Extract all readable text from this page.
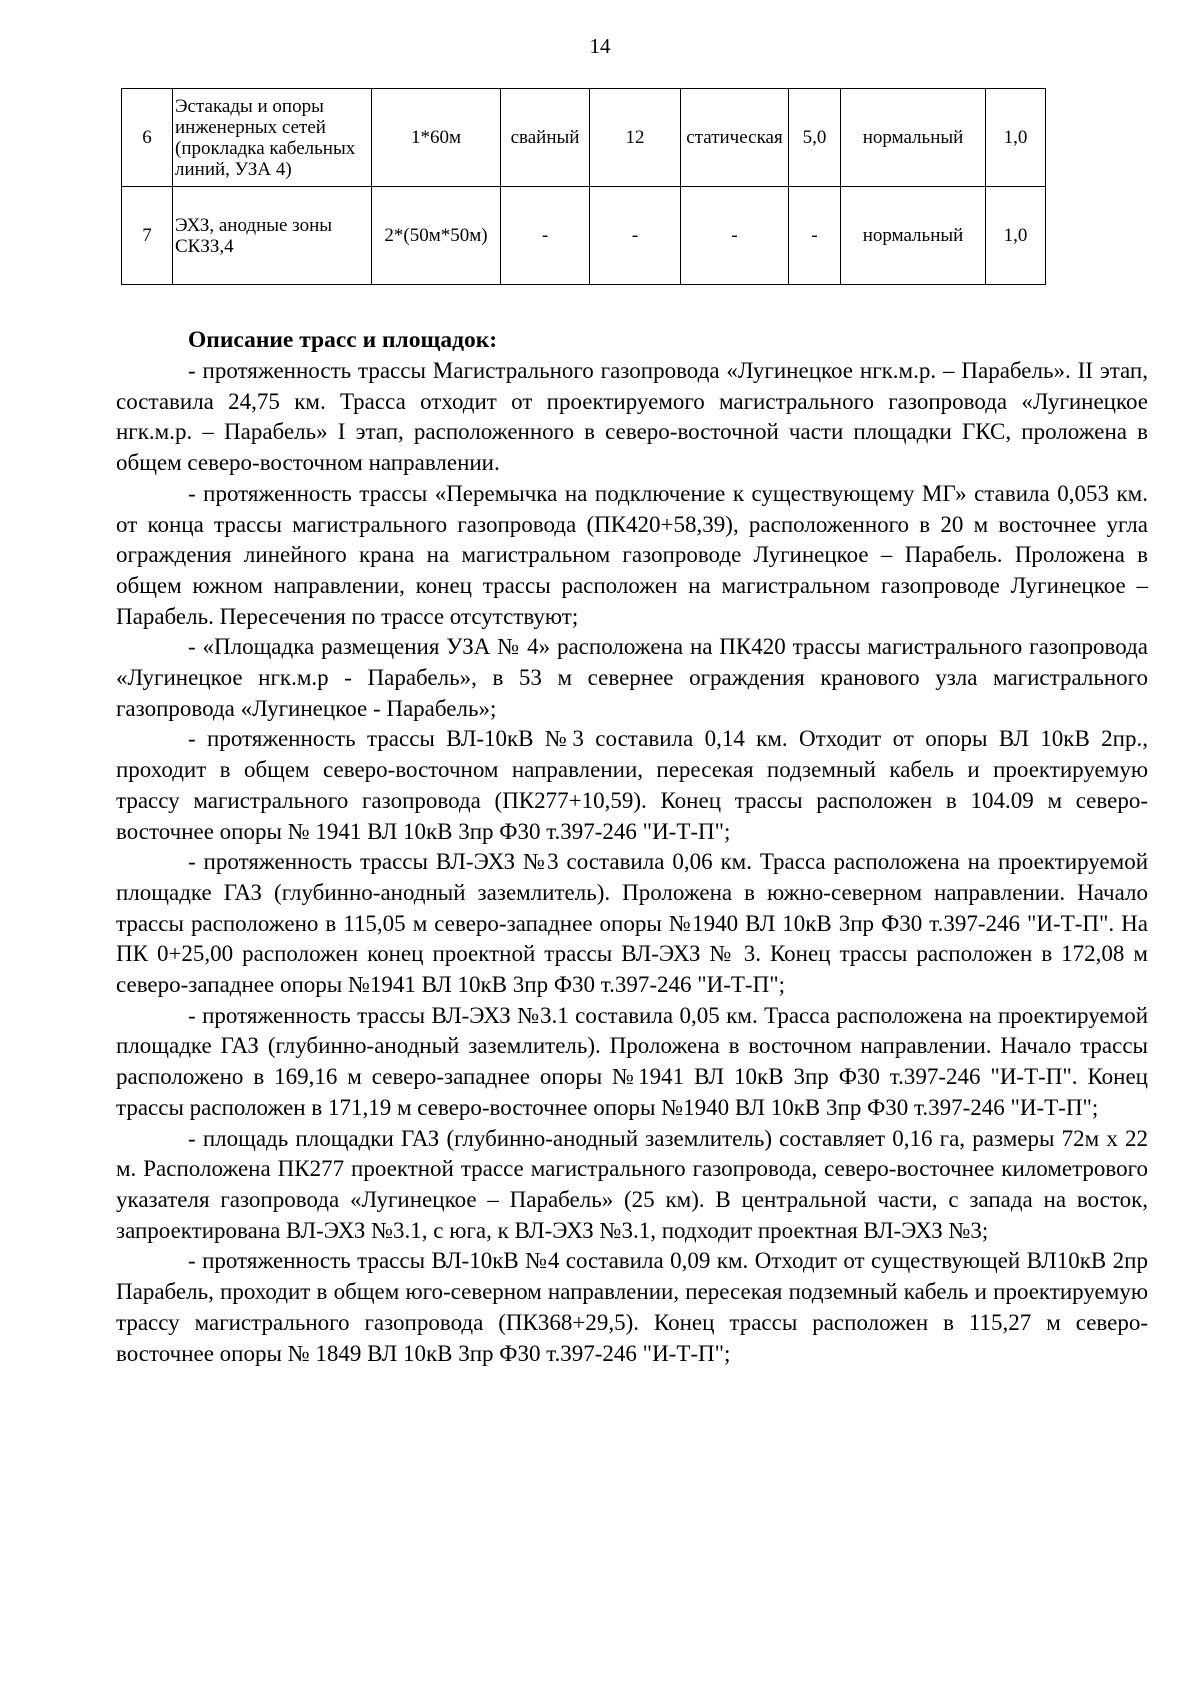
14
6	Эстакады и опоры
инженерных сетей
(прокладка кабельных
линий, УЗА 4)	1*60м	свайный	12	статическая	5,0	нормальный	1,0
7	ЭХЗ, анодные зоны
СКЗЗ,4	2*(50м*50м)	-	-	-	-	нормальный	1,0
Описание трасс и площадок:

- протяженность трассы Магистрального газопровода «Лугинецкое нгк.м.р. – Парабель». II этап, составила 24,75 км. Трасса отходит от проектируемого магистрального газопровода «Лугинецкое нгк.м.р. – Парабель» I этап, расположенного в северо-восточной части площадки ГКС, проложена в общем северо-восточном направлении.

- протяженность трассы «Перемычка на подключение к существующему МГ» ставила 0,053 км. от конца трассы магистрального газопровода (ПК420+58,39), расположенного в 20 м восточнее угла ограждения линейного крана на магистральном газопроводе Лугинецкое – Парабель. Проложена в общем южном направлении, конец трассы расположен на магистральном газопроводе Лугинецкое – Парабель. Пересечения по трассе отсутствуют;

- «Площадка размещения УЗА № 4» расположена на ПК420 трассы магистрального газопровода «Лугинецкое нгк.м.р - Парабель», в 53 м севернее ограждения кранового узла магистрального газопровода «Лугинецкое - Парабель»;

- протяженность трассы ВЛ-10кВ №3 составила 0,14 км. Отходит от опоры ВЛ 10кВ 2пр., проходит в общем северо-восточном направлении, пересекая подземный кабель и проектируемую трассу магистрального газопровода (ПК277+10,59). Конец трассы расположен в 104.09 м северо-восточнее опоры № 1941 ВЛ 10кВ 3пр Ф30 т.397-246 "И-Т-П";

- протяженность трассы ВЛ-ЭХЗ №3 составила 0,06 км. Трасса расположена на проектируемой площадке ГАЗ (глубинно-анодный заземлитель). Проложена в южно-северном направлении. Начало трассы расположено в 115,05 м северо-западнее опоры №1940 ВЛ 10кВ 3пр Ф30 т.397-246 "И-Т-П". На ПК 0+25,00 расположен конец проектной трассы ВЛ-ЭХЗ № 3. Конец трассы расположен в 172,08 м северо-западнее опоры №1941 ВЛ 10кВ 3пр Ф30 т.397-246 "И-Т-П";

- протяженность трассы ВЛ-ЭХЗ №3.1 составила 0,05 км. Трасса расположена на проектируемой площадке ГАЗ (глубинно-анодный заземлитель). Проложена в восточном направлении. Начало трассы расположено в 169,16 м северо-западнее опоры №1941 ВЛ 10кВ 3пр Ф30 т.397-246 "И-Т-П". Конец трассы расположен в 171,19 м северо-восточнее опоры №1940 ВЛ 10кВ 3пр Ф30 т.397-246 "И-Т-П";

- площадь площадки ГАЗ (глубинно-анодный заземлитель) составляет 0,16 га, размеры 72м х 22 м. Расположена ПК277 проектной трассе магистрального газопровода, северо-восточнее километрового указателя газопровода «Лугинецкое – Парабель» (25 км). В центральной части, с запада на восток, запроектирована ВЛ-ЭХЗ №3.1, с юга, к ВЛ-ЭХЗ №3.1, подходит проектная ВЛ-ЭХЗ №3;

- протяженность трассы ВЛ-10кВ №4 составила 0,09 км. Отходит от существующей ВЛ10кВ 2пр Парабель, проходит в общем юго-северном направлении, пересекая подземный кабель и проектируемую трассу магистрального газопровода (ПК368+29,5). Конец трассы расположен в 115,27 м северо-восточнее опоры № 1849 ВЛ 10кВ 3пр Ф30 т.397-246 "И-Т-П";
